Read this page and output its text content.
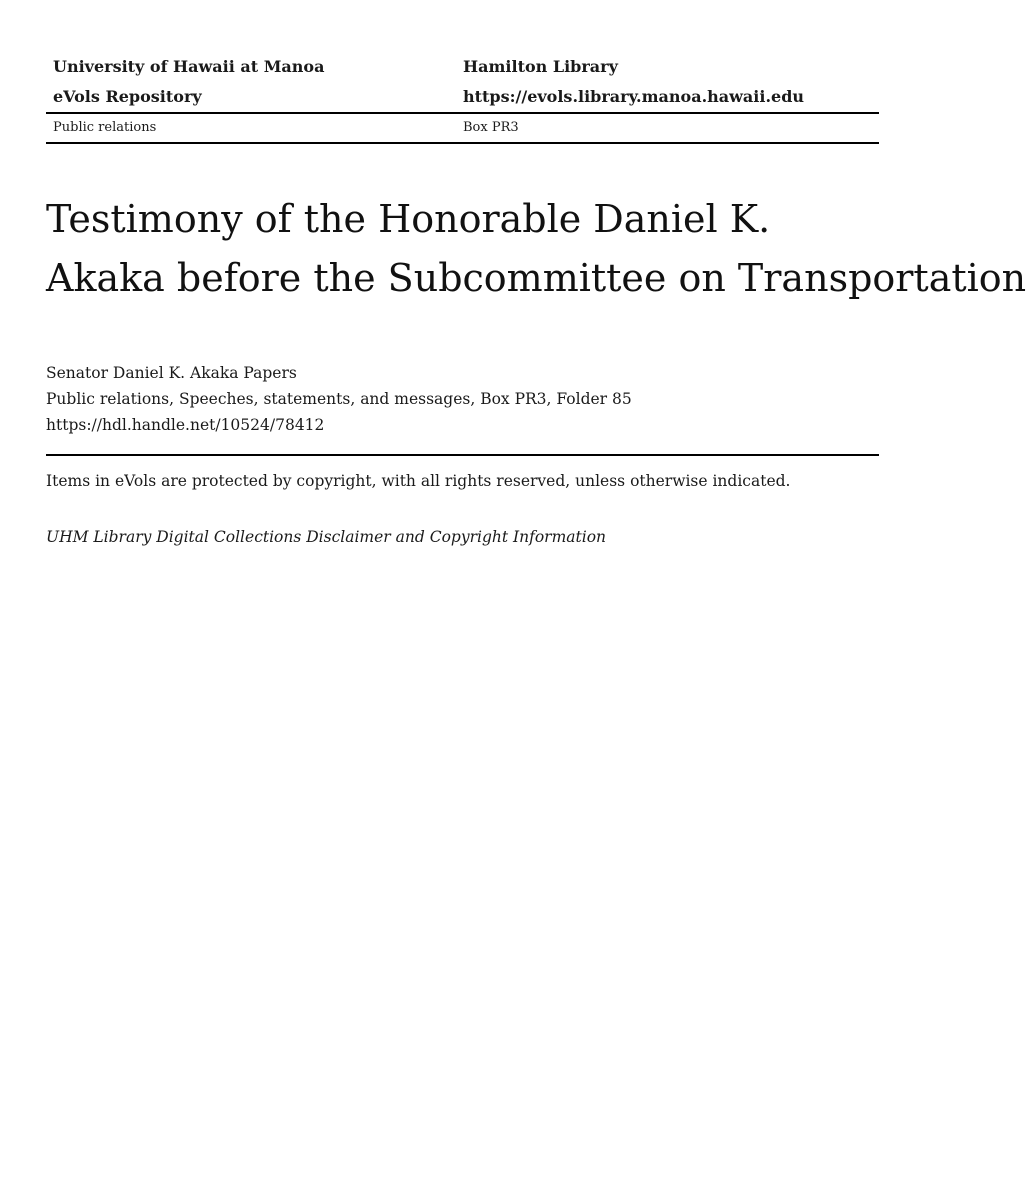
University of Hawaii at Manoa
eVols Repository
Hamilton Library
https://evols.library.manoa.hawaii.edu
Public relations	Box PR3
Testimony of the Honorable Daniel K.
Akaka before the Subcommittee on Transportation
Senator Daniel K. Akaka Papers
Public relations, Speeches, statements, and messages, Box PR3, Folder 85
https://hdl.handle.net/10524/78412
Items in eVols are protected by copyright, with all rights reserved, unless otherwise indicated.
UHM Library Digital Collections Disclaimer and Copyright Information
